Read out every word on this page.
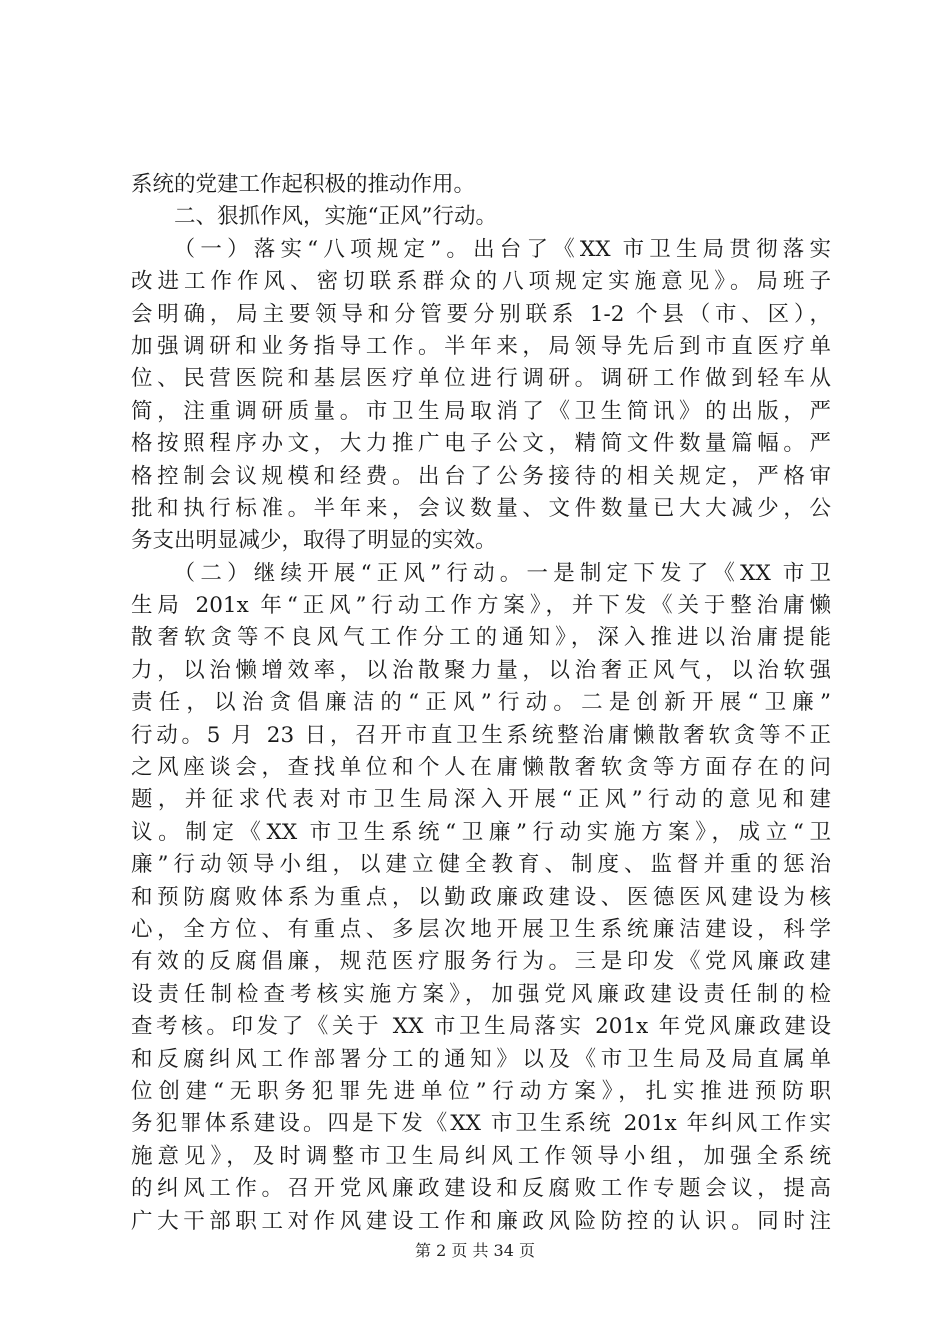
系统的党建工作起积极的推动作用。
　　二、狠抓作风，实施“正风”行动。
　　（一）落实“八项规定”。出台了《XX 市卫生局贯彻落实
改进工作作风、密切联系群众的八项规定实施意见》。局班子
会明确，局主要领导和分管要分别联系 1-2 个县（市、区），
加强调研和业务指导工作。半年来，局领导先后到市直医疗单
位、民营医院和基层医疗单位进行调研。调研工作做到轻车从
简，注重调研质量。市卫生局取消了《卫生简讯》的出版，严
格按照程序办文，大力推广电子公文，精简文件数量篇幅。严
格控制会议规模和经费。出台了公务接待的相关规定，严格审
批和执行标准。半年来，会议数量、文件数量已大大减少，公
务支出明显减少，取得了明显的实效。
　　（二）继续开展“正风”行动。一是制定下发了《XX 市卫
生局 201x 年“正风”行动工作方案》，并下发《关于整治庸懒
散奢软贪等不良风气工作分工的通知》，深入推进以治庸提能
力，以治懒增效率，以治散聚力量，以治奢正风气，以治软强
责任，以治贪倡廉洁的“正风”行动。二是创新开展“卫廉”
行动。5 月 23 日，召开市直卫生系统整治庸懒散奢软贪等不正
之风座谈会，查找单位和个人在庸懒散奢软贪等方面存在的问
题，并征求代表对市卫生局深入开展“正风”行动的意见和建
议。制定《XX 市卫生系统“卫廉”行动实施方案》，成立“卫
廉”行动领导小组，以建立健全教育、制度、监督并重的惩治
和预防腐败体系为重点，以勤政廉政建设、医德医风建设为核
心，全方位、有重点、多层次地开展卫生系统廉洁建设，科学
有效的反腐倡廉，规范医疗服务行为。三是印发《党风廉政建
设责任制检查考核实施方案》，加强党风廉政建设责任制的检
查考核。印发了《关于 XX 市卫生局落实 201x 年党风廉政建设
和反腐纠风工作部署分工的通知》以及《市卫生局及局直属单
位创建“无职务犯罪先进单位”行动方案》，扎实推进预防职
务犯罪体系建设。四是下发《XX 市卫生系统 201x 年纠风工作实
施意见》，及时调整市卫生局纠风工作领导小组，加强全系统
的纠风工作。召开党风廉政建设和反腐败工作专题会议，提高
广大干部职工对作风建设工作和廉政风险防控的认识。同时注
第 2 页 共 34 页
